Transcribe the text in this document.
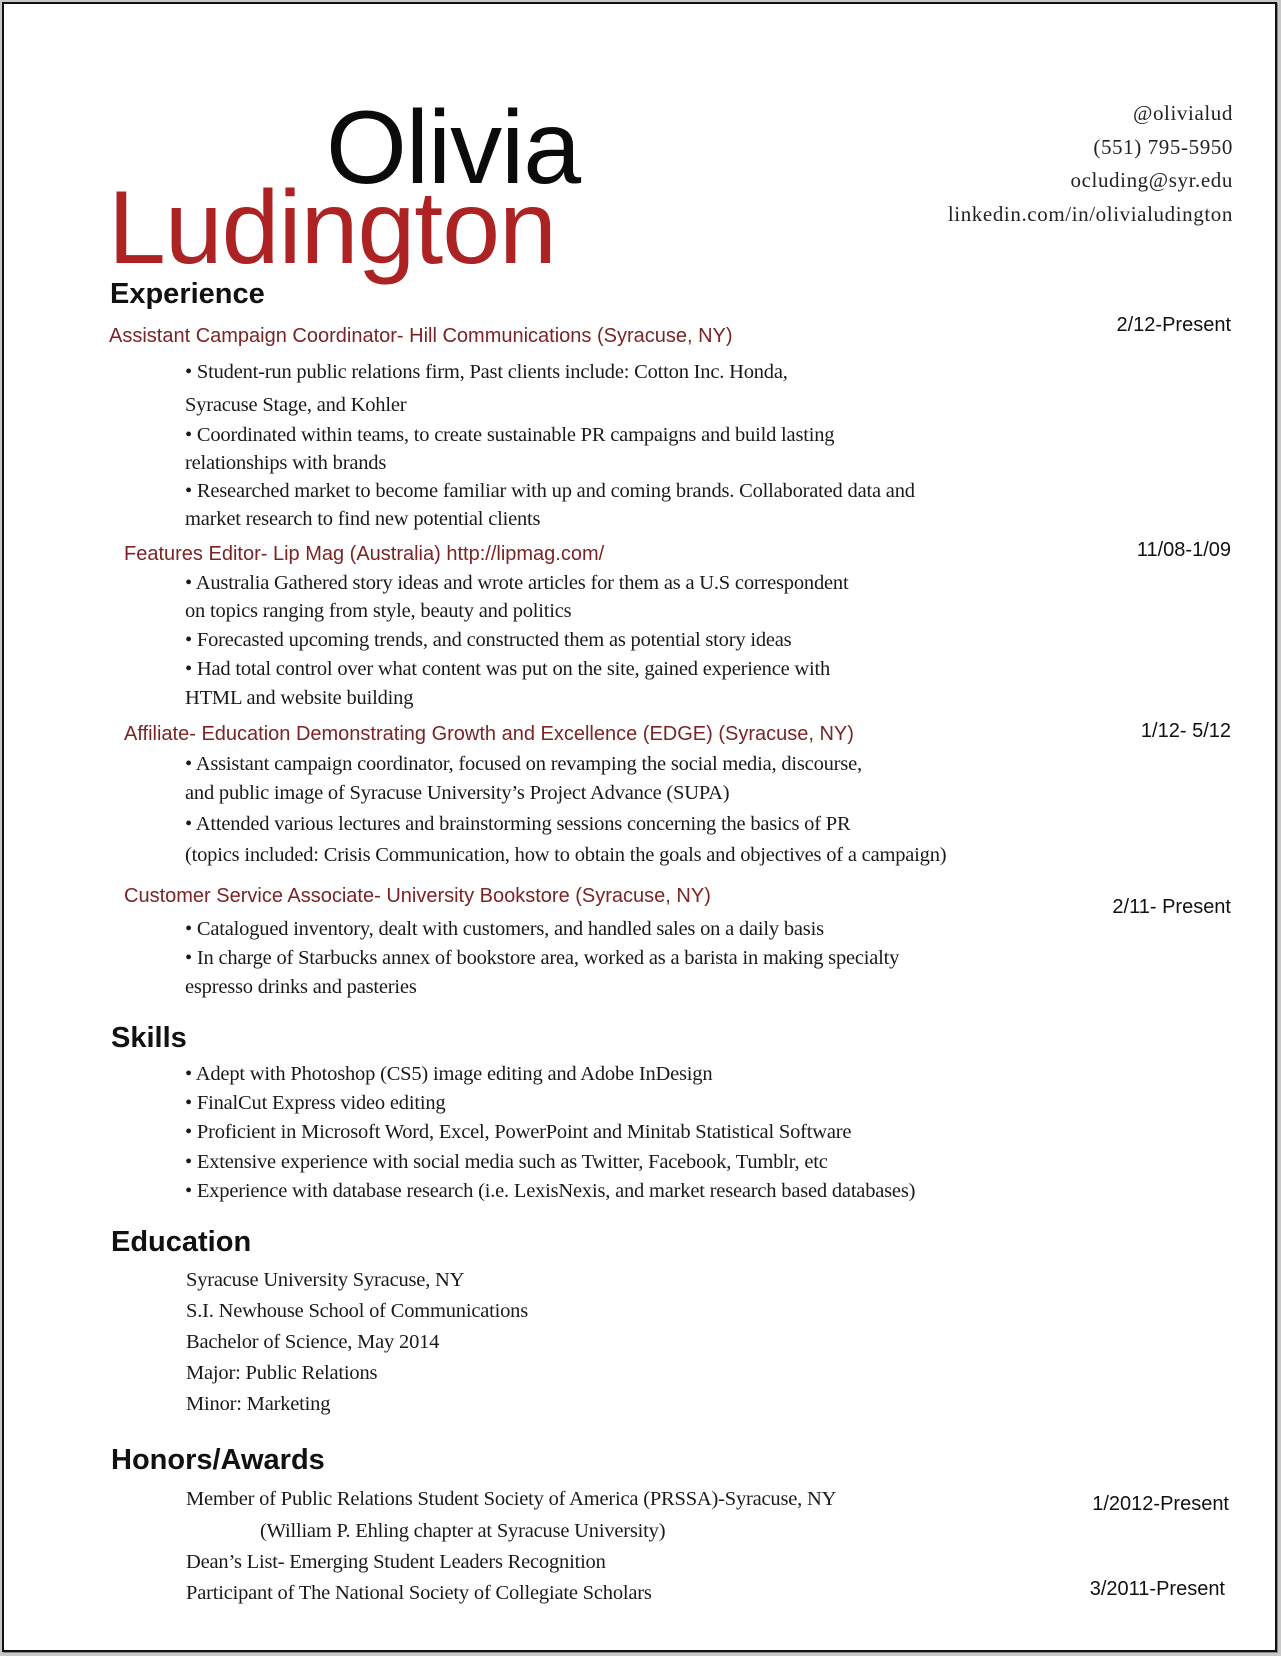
Olivia
Ludington
@olivialud
(551) 795-5950
ocluding@syr.edu
linkedin.com/in/olivialudington
Experience
Assistant Campaign Coordinator- Hill Communications (Syracuse, NY)	2/12-Present
• Student-run public relations firm, Past clients include: Cotton Inc. Honda,
Syracuse Stage, and Kohler
• Coordinated within teams, to create sustainable PR campaigns and build lasting
relationships with brands
• Researched market to become familiar with up and coming brands. Collaborated data and
market research to find new potential clients
Features Editor- Lip Mag (Australia) http://lipmag.com/	11/08-1/09
• Australia Gathered story ideas and wrote articles for them as a U.S correspondent
on topics ranging from style, beauty and politics
• Forecasted upcoming trends, and constructed them as potential story ideas
• Had total control over what content was put on the site, gained experience with
HTML and website building
Affiliate- Education Demonstrating Growth and Excellence (EDGE) (Syracuse, NY)	1/12- 5/12
• Assistant campaign coordinator, focused on revamping the social media, discourse,
and public image of Syracuse University’s Project Advance (SUPA)
• Attended various lectures and brainstorming sessions concerning the basics of PR
(topics included: Crisis Communication, how to obtain the goals and objectives of a campaign)
Customer Service Associate- University Bookstore (Syracuse, NY)	2/11- Present
• Catalogued inventory, dealt with customers, and handled sales on a daily basis
• In charge of Starbucks annex of bookstore area, worked as a barista in making specialty
espresso drinks and pasteries
Skills
• Adept with Photoshop (CS5) image editing and Adobe InDesign
• FinalCut Express video editing
• Proficient in Microsoft Word, Excel, PowerPoint and Minitab Statistical Software
• Extensive experience with social media such as Twitter, Facebook, Tumblr, etc
• Experience with database research (i.e. LexisNexis, and market research based databases)
Education
Syracuse University Syracuse, NY
S.I. Newhouse School of Communications
Bachelor of Science, May 2014
Major: Public Relations
Minor: Marketing
Honors/Awards
Member of Public Relations Student Society of America (PRSSA)-Syracuse, NY	1/2012-Present
(William P. Ehling chapter at Syracuse University)
Dean’s List- Emerging Student Leaders Recognition
Participant of The National Society of Collegiate Scholars	3/2011-Present
